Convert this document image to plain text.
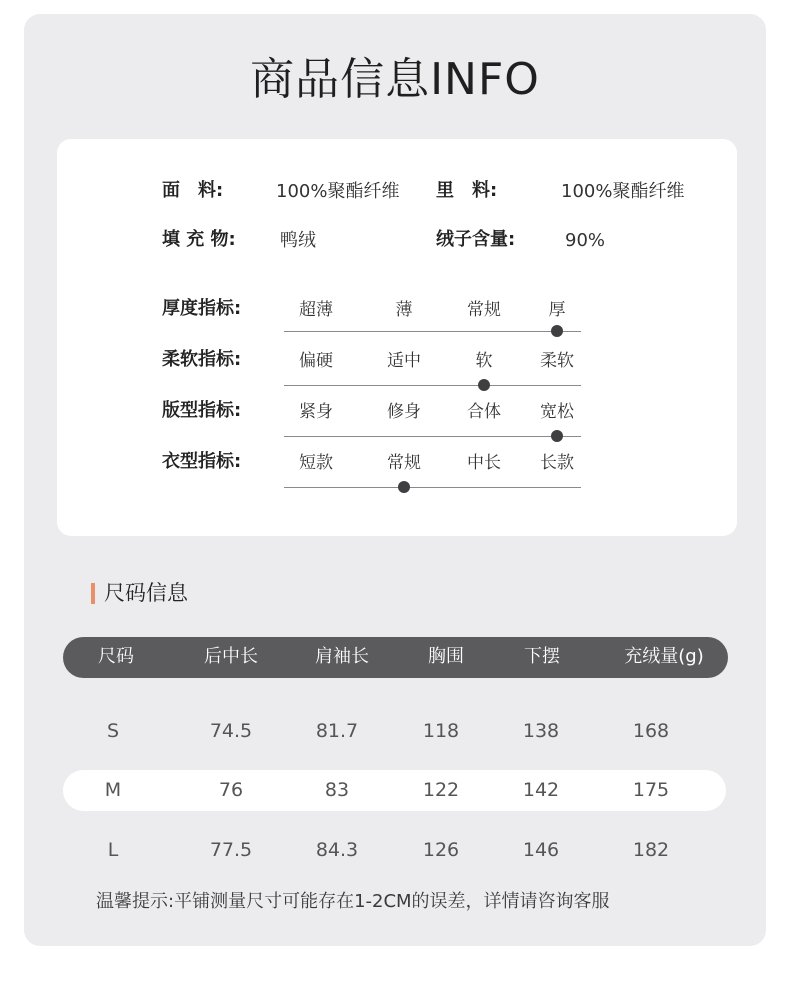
商品信息INFO
面　料:	100%聚酯纤维 里　料:	100%聚酯纤维
填 充 物: 鸭绒	绒子含量:	90%
厚度指标:	超薄	薄	常规	厚
柔软指标:	偏硬	适中	软	柔软
版型指标:	紧身	修身	合体	宽松
衣型指标:	短款	常规	中长	长款
尺码信息
尺码	后中长	肩袖长	胸围	下摆	充绒量(g)
S	74.5	81.7	118	138	168
M	76	83	122	142	175
L	77.5	84.3	126	146	182
温馨提示:平铺测量尺寸可能存在1-2CM的误差，详情请咨询客服
